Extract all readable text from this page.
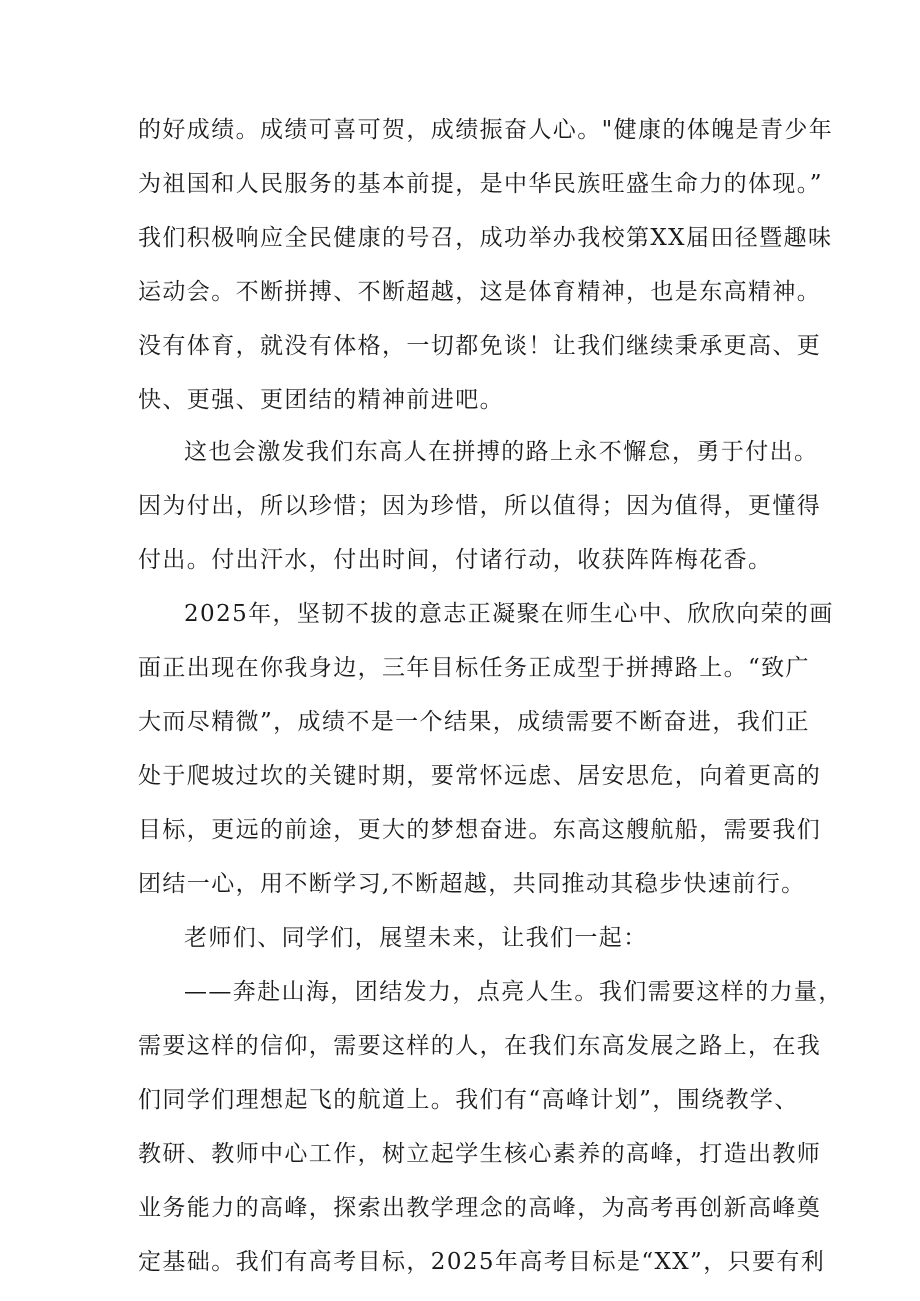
的好成绩。成绩可喜可贺，成绩振奋人心。"健康的体魄是青少年
为祖国和人民服务的基本前提，是中华民族旺盛生命力的体现。”
我们积极响应全民健康的号召，成功举办我校第XX届田径暨趣味
运动会。不断拼搏、不断超越，这是体育精神，也是东高精神。
没有体育，就没有体格，一切都免谈！让我们继续秉承更高、更
快、更强、更团结的精神前进吧。
这也会激发我们东高人在拼搏的路上永不懈怠，勇于付出。
因为付出，所以珍惜；因为珍惜，所以值得；因为值得，更懂得
付出。付出汗水，付出时间，付诸行动，收获阵阵梅花香。
2025年，坚韧不拔的意志正凝聚在师生心中、欣欣向荣的画
面正出现在你我身边，三年目标任务正成型于拼搏路上。“致广
大而尽精微”，成绩不是一个结果，成绩需要不断奋进，我们正
处于爬坡过坎的关键时期，要常怀远虑、居安思危，向着更高的
目标，更远的前途，更大的梦想奋进。东高这艘航船，需要我们
团结一心，用不断学习,不断超越，共同推动其稳步快速前行。
老师们、同学们，展望未来，让我们一起：
——奔赴山海，团结发力，点亮人生。我们需要这样的力量，
需要这样的信仰，需要这样的人，在我们东高发展之路上，在我
们同学们理想起飞的航道上。我们有“高峰计划”，围绕教学、
教研、教师中心工作，树立起学生核心素养的高峰，打造出教师
业务能力的高峰，探索出教学理念的高峰，为高考再创新高峰奠
定基础。我们有高考目标，2025年高考目标是“XX”，只要有利
